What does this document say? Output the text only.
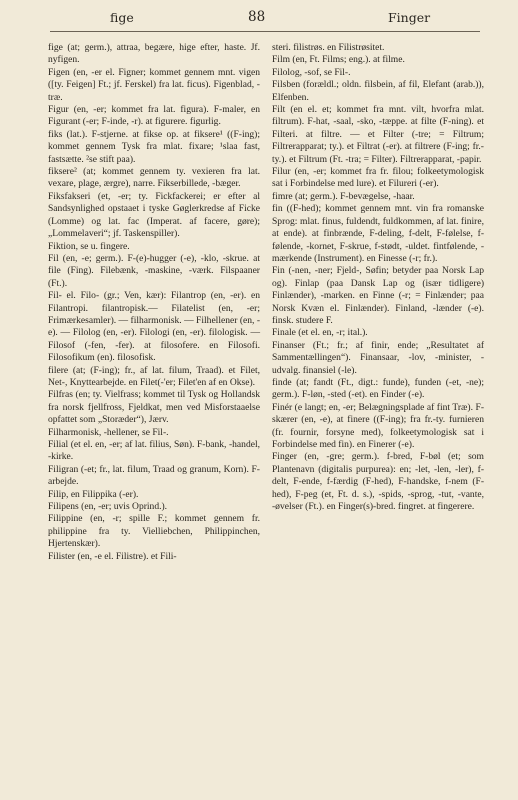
fige	88	Finger

fige (at; germ.), attraa, begære, hige efter, haste. Jf. nyfigen.

Figen (en, -er el. Figner; kommet gennem mnt. vigen ([ty. Feigen] Ft.; jf. Ferskel) fra lat. ficus). Figenblad, -træ.

Figur (en, -er; kommet fra lat. figura). F-maler, en Figurant (-er; F-inde, -r). at figurere. figurlig.

fiks (lat.). F-stjerne. at fikse op. at fiksere¹ ((F-ing); kommet gennem Tysk fra mlat. fixare; ¹slaa fast, fastsætte. ²se stift paa).

fiksere² (at; kommet gennem ty. vexieren fra lat. vexare, plage, ærgre), narre. Fikserbillede, -bæger.

Fiksfakseri (et, -er; ty. Fickfackerei; er efter al Sandsynlighed opstaaet i tyske Gøglerkredse af Ficke (Lomme) og lat. fac (Imperat. af facere, gøre); „Lommelaveri“; jf. Taskenspiller).

Fiktion, se u. fingere.

Fil (en, -e; germ.). F-(e)-hugger (-e), -klo, -skrue. at file (Fing). Filebænk, -maskine, -værk. Filspaaner (Ft.).

Fil- el. Filo- (gr.; Ven, kær): Filantrop (en, -er). en Filantropi. filantropisk.— Filatelist (en, -er; Frimærkesamler). — filharmonisk. — Filhellener (en, -e). — Filolog (en, -er). Filologi (en, -er). filologisk. — Filosof (-fen, -fer). at filosofere. en Filosofi. Filosofikum (en). filosofisk.

filere (at; (F-ing); fr., af lat. filum, Traad). et Filet, Net-, Knyttearbejde. en Filet(-'er; Filet'en af en Okse).

Filfras (en; ty. Vielfrass; kommet til Tysk og Hollandsk fra norsk fjellfross, Fjeldkat, men ved Misforstaaelse opfattet som „Storæder“), Jærv.

Filharmonisk, -hellener, se Fil-.

Filial (et el. en, -er; af lat. filius, Søn). F-bank, -handel, -kirke.

Filigran (-et; fr., lat. filum, Traad og granum, Korn). F-arbejde.

Filip, en Filippika (-er).

Filipens (en, -er; uvis Oprind.).

Filippine (en, -r; spille F.; kommet gennem fr. philippine fra ty. Vielliebchen, Philippinchen, Hjertenskær).

Filister (en, -e el. Filistre). et Fili-

steri. filistrøs. en Filistrøsitet.

Film (en, Ft. Films; eng.). at filme.

Filolog, -sof, se Fil-.

Filsben (forældl.; oldn. filsbein, af fil, Elefant (arab.)), Elfenben.

Filt (en el. et; kommet fra mnt. vilt, hvorfra mlat. filtrum). F-hat, -saal, -sko, -tæppe. at filte (F-ning). et Filteri. at filtre. — et Filter (-tre; = Filtrum; Filtrerapparat; ty.). et Filtrat (-er). at filtrere (F-ing; fr.-ty.). et Filtrum (Ft. -tra; = Filter). Filtrerapparat, -papir.

Filur (en, -er; kommet fra fr. filou; folkeetymologisk sat i Forbindelse med lure). et Filureri (-er).

fimre (at; germ.). F-bevægelse, -haar.

fin ((F-hed); kommet gennem mnt. vin fra romanske Sprog: mlat. finus, fuldendt, fuldkommen, af lat. finire, at ende). at finbrænde, F-deling, f-delt, F-følelse, f-følende, -kornet, F-skrue, f-stødt, -uldet. fintfølende, -mærkende (Instrument). en Finesse (-r; fr.).

Fin (-nen, -ner; Fjeld-, Søfin; betyder paa Norsk Lap og). Finlap (paa Dansk Lap og (især tidligere) Finlænder), -marken. en Finne (-r; = Finlænder; paa Norsk Kvæn el. Finlænder). Finland, -lænder (-e). finsk. studere F.

Finale (et el. en, -r; ital.).

Finanser (Ft.; fr.; af finir, ende; „Resultatet af Sammentællingen“). Finansaar, -lov, -minister, -udvalg. finansiel (-le).

finde (at; fandt (Ft., digt.: funde), funden (-et, -ne); germ.). F-løn, -sted (-et). en Finder (-e).

Finér (e langt; en, -er; Belægningsplade af fint Træ). F-skærer (en, -e), at finere ((F-ing); fra fr.-ty. furnieren (fr. fournir, forsyne med), folkeetymologisk sat i Forbindelse med fin). en Finerer (-e).

Finger (en, -gre; germ.). f-bred, F-bøl (et; som Plantenavn (digitalis purpurea): en; -let, -len, -ler), f-delt, F-ende, f-færdig (F-hed), F-handske, f-nem (F-hed), F-peg (et, Ft. d. s.), -spids, -sprog, -tut, -vante, -øvelser (Ft.). en Finger(s)-bred. fingret. at fingerere.
